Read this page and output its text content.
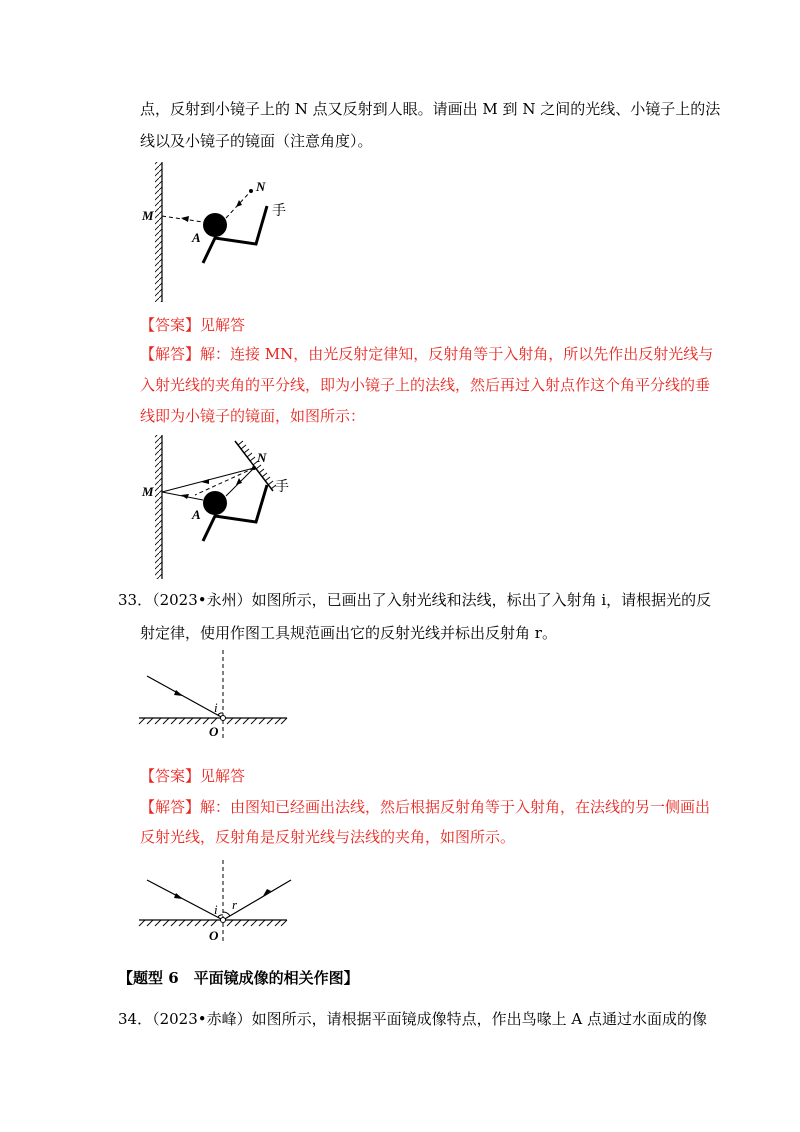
点，反射到小镜子上的 N 点又反射到人眼。请画出 M 到 N 之间的光线、小镜子上的法
线以及小镜子的镜面（注意角度）。
M
N
A
手
【答案】见解答
【解答】解：连接 MN，由光反射定律知，反射角等于入射角，所以先作出反射光线与
入射光线的夹角的平分线，即为小镜子上的法线，然后再过入射点作这个角平分线的垂
线即为小镜子的镜面，如图所示：
M
N
A
手
33．（2023•永州）如图所示，已画出了入射光线和法线，标出了入射角 i，请根据光的反
射定律，使用作图工具规范画出它的反射光线并标出反射角 r。
i
O
【答案】见解答
【解答】解：由图知已经画出法线，然后根据反射角等于入射角，在法线的另一侧画出
反射光线，反射角是反射光线与法线的夹角，如图所示。
i r
O
【题型 6　平面镜成像的相关作图】
34．（2023•赤峰）如图所示，请根据平面镜成像特点，作出鸟喙上 A 点通过水面成的像
